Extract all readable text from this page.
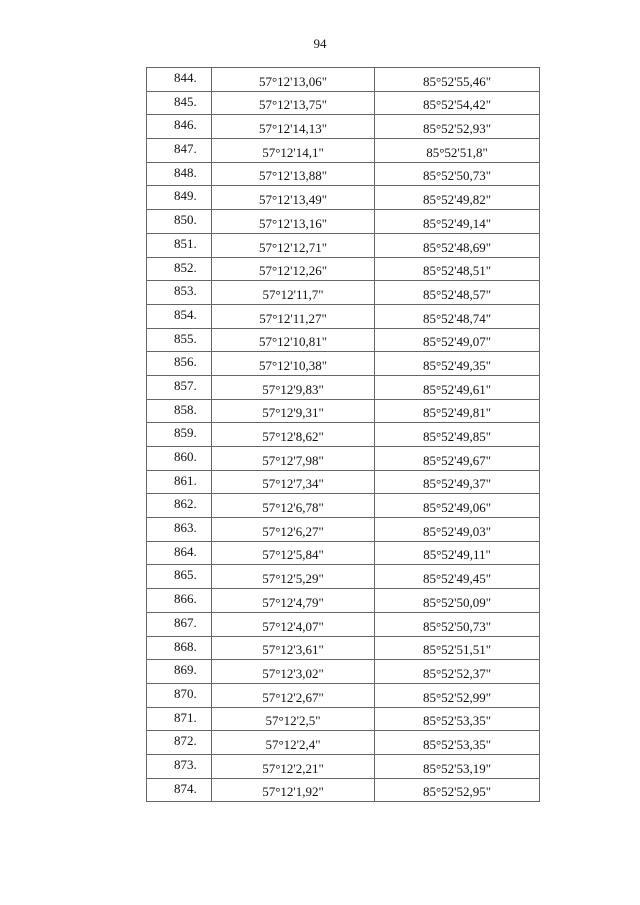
94
844.	57°12'13,06"	85°52'55,46"
845.	57°12'13,75"	85°52'54,42"
846.	57°12'14,13"	85°52'52,93"
847.	57°12'14,1"	85°52'51,8"
848.	57°12'13,88"	85°52'50,73"
849.	57°12'13,49"	85°52'49,82"
850.	57°12'13,16"	85°52'49,14"
851.	57°12'12,71"	85°52'48,69"
852.	57°12'12,26"	85°52'48,51"
853.	57°12'11,7"	85°52'48,57"
854.	57°12'11,27"	85°52'48,74"
855.	57°12'10,81"	85°52'49,07"
856.	57°12'10,38"	85°52'49,35"
857.	57°12'9,83"	85°52'49,61"
858.	57°12'9,31"	85°52'49,81"
859.	57°12'8,62"	85°52'49,85"
860.	57°12'7,98"	85°52'49,67"
861.	57°12'7,34"	85°52'49,37"
862.	57°12'6,78"	85°52'49,06"
863.	57°12'6,27"	85°52'49,03"
864.	57°12'5,84"	85°52'49,11"
865.	57°12'5,29"	85°52'49,45"
866.	57°12'4,79"	85°52'50,09"
867.	57°12'4,07"	85°52'50,73"
868.	57°12'3,61"	85°52'51,51"
869.	57°12'3,02"	85°52'52,37"
870.	57°12'2,67"	85°52'52,99"
871.	57°12'2,5"	85°52'53,35"
872.	57°12'2,4"	85°52'53,35"
873.	57°12'2,21"	85°52'53,19"
874.	57°12'1,92"	85°52'52,95"
